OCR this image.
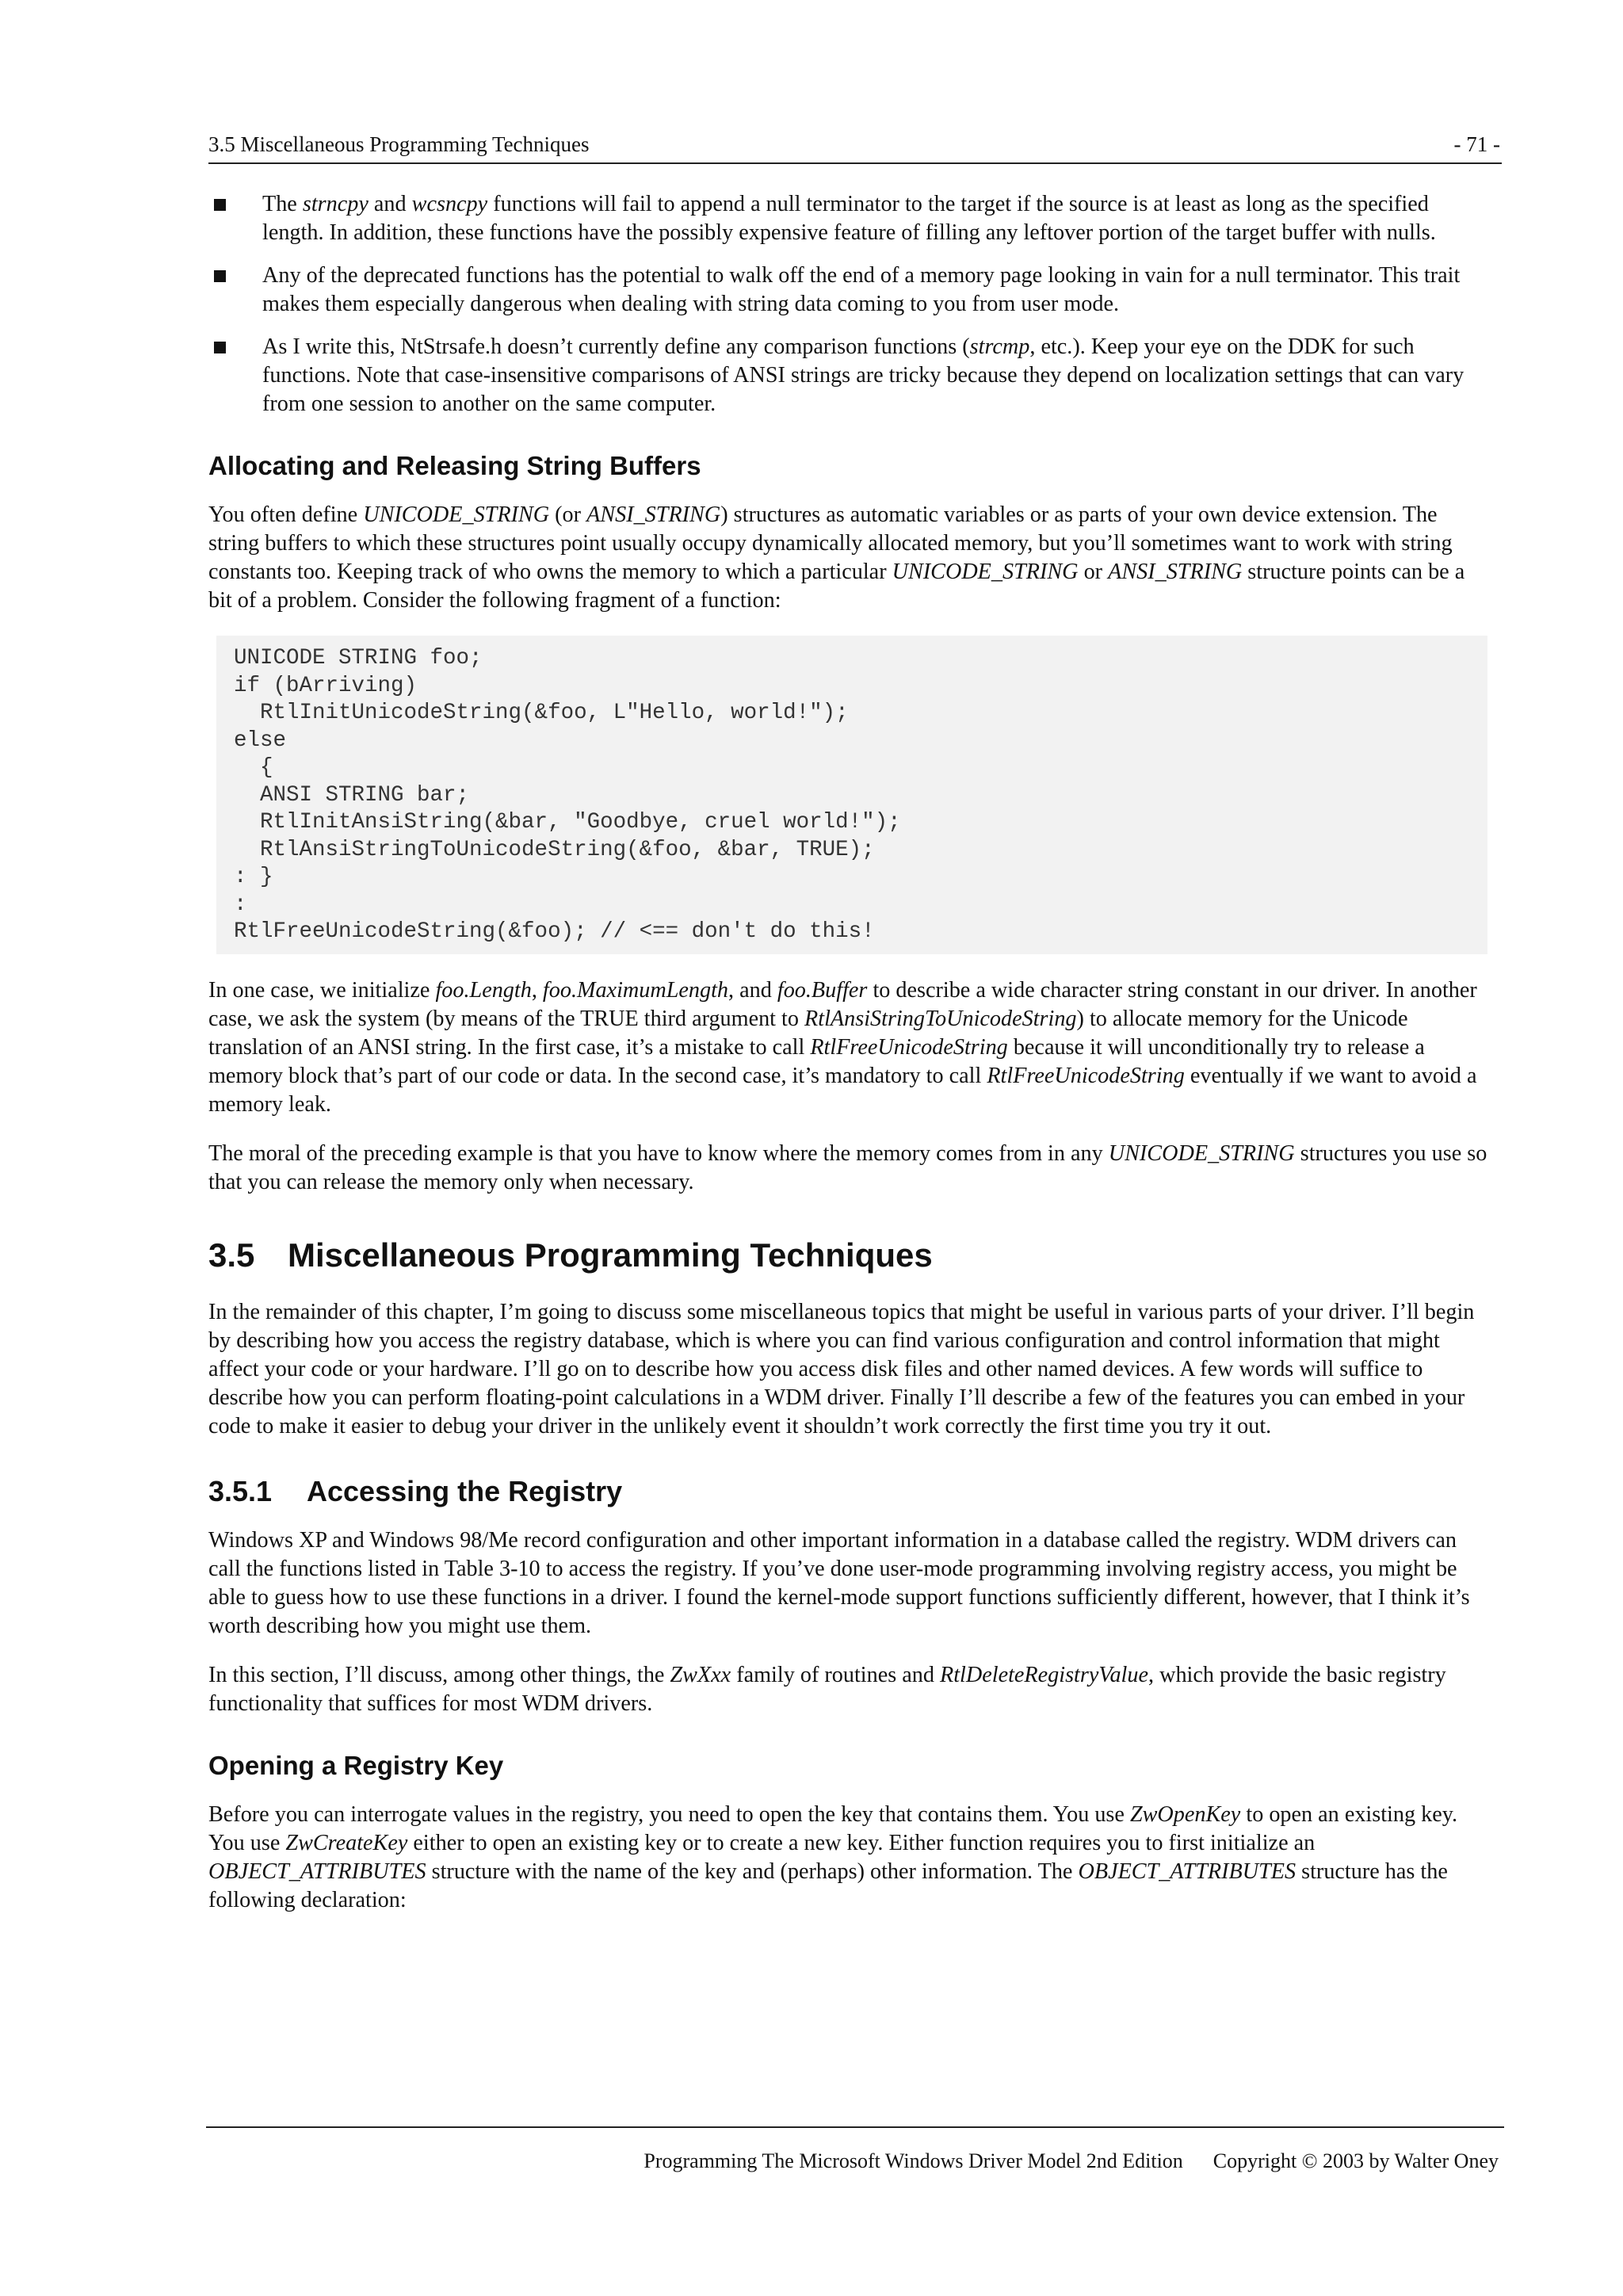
3.5 Miscellaneous Programming Techniques	- 71 -
The strncpy and wcsncpy functions will fail to append a null terminator to the target if the source is at least as long as the specified length. In addition, these functions have the possibly expensive feature of filling any leftover portion of the target buffer with nulls.
Any of the deprecated functions has the potential to walk off the end of a memory page looking in vain for a null terminator. This trait makes them especially dangerous when dealing with string data coming to you from user mode.
As I write this, NtStrsafe.h doesn’t currently define any comparison functions (strcmp, etc.). Keep your eye on the DDK for such functions. Note that case-insensitive comparisons of ANSI strings are tricky because they depend on localization settings that can vary from one session to another on the same computer.
Allocating and Releasing String Buffers

You often define UNICODE_STRING (or ANSI_STRING) structures as automatic variables or as parts of your own device extension. The string buffers to which these structures point usually occupy dynamically allocated memory, but you’ll sometimes want to work with string constants too. Keeping track of who owns the memory to which a particular UNICODE_STRING or ANSI_STRING structure points can be a bit of a problem. Consider the following fragment of a function:

UNICODE STRING foo;
if (bArriving)
RtlInitUnicodeString(&foo, L"Hello, world!");
else
{
ANSI STRING bar;
RtlInitAnsiString(&bar, "Goodbye, cruel world!");
RtlAnsiStringToUnicodeString(&foo, &bar, TRUE);
: }
:
RtlFreeUnicodeString(&foo); // <== don't do this!

In one case, we initialize foo.Length, foo.MaximumLength, and foo.Buffer to describe a wide character string constant in our driver. In another case, we ask the system (by means of the TRUE third argument to RtlAnsiStringToUnicodeString) to allocate memory for the Unicode translation of an ANSI string. In the first case, it’s a mistake to call RtlFreeUnicodeString because it will unconditionally try to release a memory block that’s part of our code or data. In the second case, it’s mandatory to call RtlFreeUnicodeString eventually if we want to avoid a memory leak.

The moral of the preceding example is that you have to know where the memory comes from in any UNICODE_STRING structures you use so that you can release the memory only when necessary.

3.5 Miscellaneous Programming Techniques

In the remainder of this chapter, I’m going to discuss some miscellaneous topics that might be useful in various parts of your driver. I’ll begin by describing how you access the registry database, which is where you can find various configuration and control information that might affect your code or your hardware. I’ll go on to describe how you access disk files and other named devices. A few words will suffice to describe how you can perform floating-point calculations in a WDM driver. Finally I’ll describe a few of the features you can embed in your code to make it easier to debug your driver in the unlikely event it shouldn’t work correctly the first time you try it out.

3.5.1 Accessing the Registry

Windows XP and Windows 98/Me record configuration and other important information in a database called the registry. WDM drivers can call the functions listed in Table 3-10 to access the registry. If you’ve done user-mode programming involving registry access, you might be able to guess how to use these functions in a driver. I found the kernel-mode support functions sufficiently different, however, that I think it’s worth describing how you might use them.

In this section, I’ll discuss, among other things, the ZwXxx family of routines and RtlDeleteRegistryValue, which provide the basic registry functionality that suffices for most WDM drivers.

Opening a Registry Key

Before you can interrogate values in the registry, you need to open the key that contains them. You use ZwOpenKey to open an existing key. You use ZwCreateKey either to open an existing key or to create a new key. Either function requires you to first initialize an OBJECT_ATTRIBUTES structure with the name of the key and (perhaps) other information. The OBJECT_ATTRIBUTES structure has the following declaration:

Programming The Microsoft Windows Driver Model 2nd Edition Copyright © 2003 by Walter Oney
